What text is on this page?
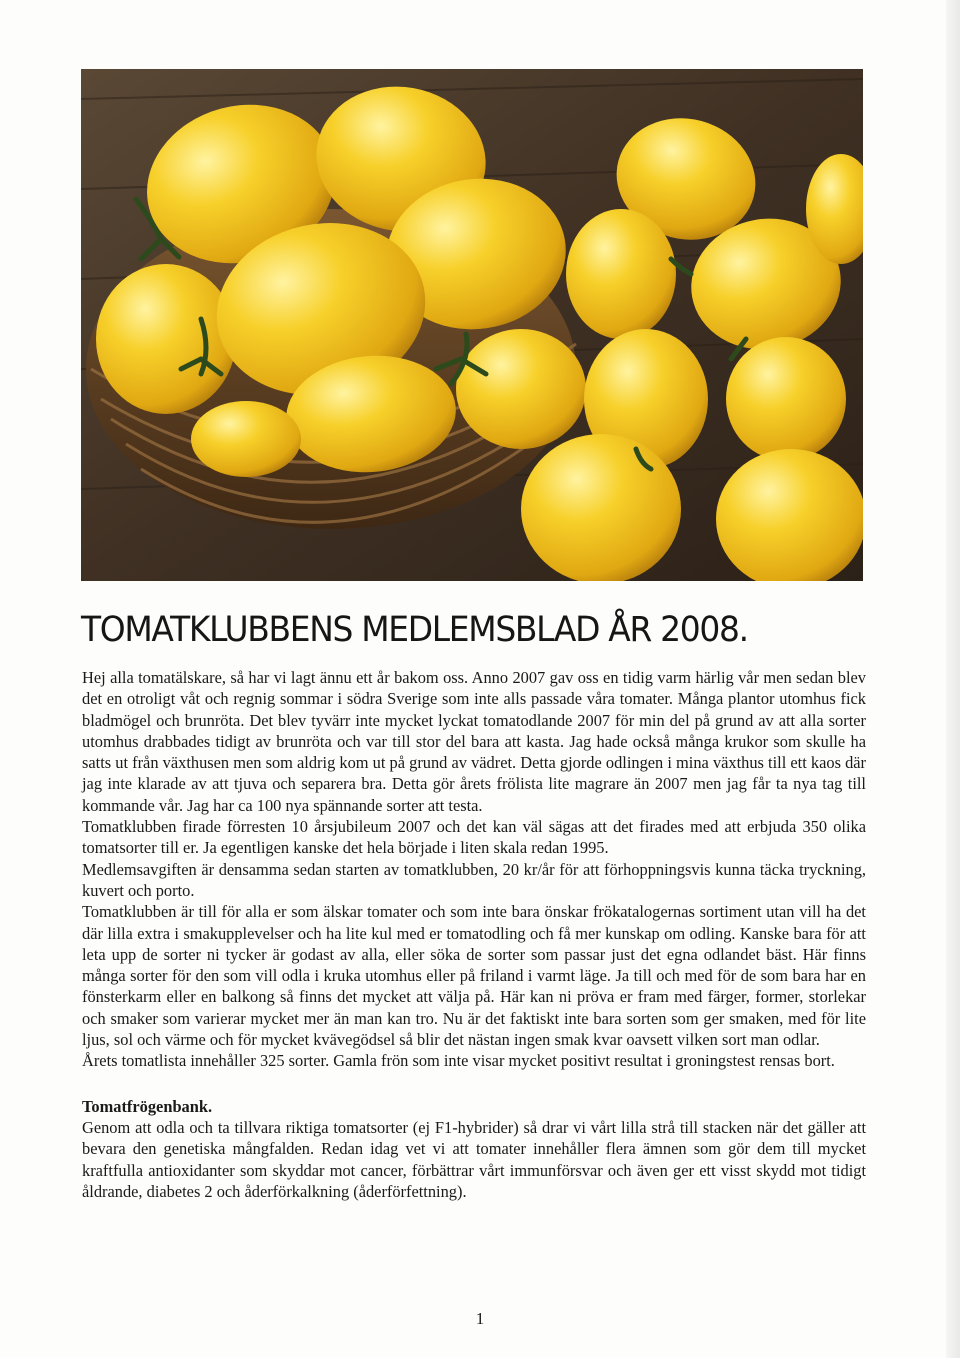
TOMATKLUBBENS MEDLEMSBLAD ÅR 2008.

Hej alla tomatälskare, så har vi lagt ännu ett år bakom oss. Anno 2007 gav oss en tidig varm härlig vår men sedan blev det en otroligt våt och regnig sommar i södra Sverige som inte alls passade våra tomater. Många plantor utomhus fick bladmögel och brunröta. Det blev tyvärr inte mycket lyckat tomatodlande 2007 för min del på grund av att alla sorter utomhus drabbades tidigt av brunröta och var till stor del bara att kasta. Jag hade också många krukor som skulle ha satts ut från växthusen men som aldrig kom ut på grund av vädret. Detta gjorde odlingen i mina växthus till ett kaos där jag inte klarade av att tjuva och separera bra. Detta gör årets frölista lite magrare än 2007 men jag får ta nya tag till kommande vår. Jag har ca 100 nya spännande sorter att testa.

Tomatklubben firade förresten 10 årsjubileum 2007 och det kan väl sägas att det firades med att erbjuda 350 olika tomatsorter till er. Ja egentligen kanske det hela började i liten skala redan 1995.

Medlemsavgiften är densamma sedan starten av tomatklubben, 20 kr/år för att förhoppningsvis kunna täcka tryckning, kuvert och porto.

Tomatklubben är till för alla er som älskar tomater och som inte bara önskar frökatalogernas sortiment utan vill ha det där lilla extra i smakupplevelser och ha lite kul med er tomatodling och få mer kunskap om odling. Kanske bara för att leta upp de sorter ni tycker är godast av alla, eller söka de sorter som passar just det egna odlandet bäst. Här finns många sorter för den som vill odla i kruka utomhus eller på friland i varmt läge. Ja till och med för de som bara har en fönsterkarm eller en balkong så finns det mycket att välja på. Här kan ni pröva er fram med färger, former, storlekar och smaker som varierar mycket mer än man kan tro. Nu är det faktiskt inte bara sorten som ger smaken, med för lite ljus, sol och värme och för mycket kvävegödsel så blir det nästan ingen smak kvar oavsett vilken sort man odlar.

Årets tomatlista innehåller 325 sorter. Gamla frön som inte visar mycket positivt resultat i groningstest rensas bort.

Tomatfrögenbank.

Genom att odla och ta tillvara riktiga tomatsorter (ej F1-hybrider) så drar vi vårt lilla strå till stacken när det gäller att bevara den genetiska mångfalden. Redan idag vet vi att tomater innehåller flera ämnen som gör dem till mycket kraftfulla antioxidanter som skyddar mot cancer, förbättrar vårt immunförsvar och även ger ett visst skydd mot tidigt åldrande, diabetes 2 och åderförkalkning (åderförfettning).

1
